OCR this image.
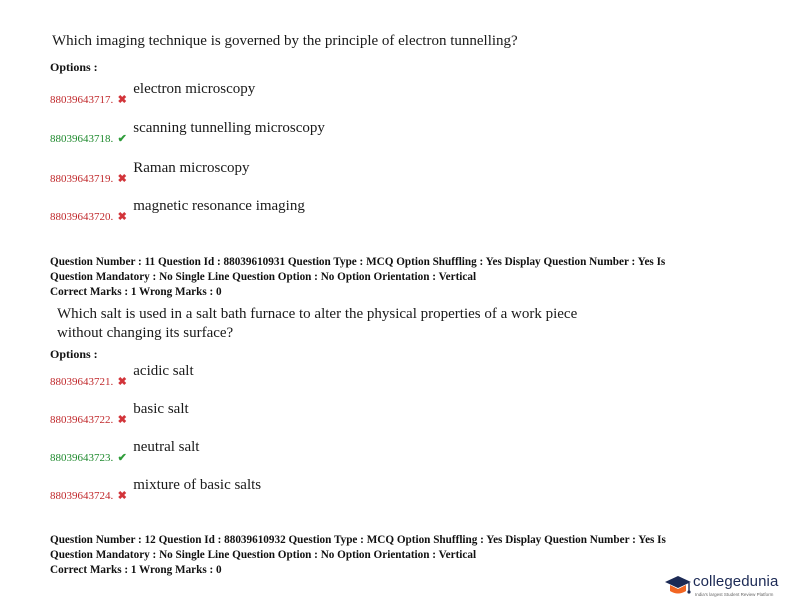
Which imaging technique is governed by the principle of electron tunnelling?
Options :
88039643717. ✖electron microscopy
88039643718. ✔scanning tunnelling microscopy
88039643719. ✖Raman microscopy
88039643720. ✖magnetic resonance imaging
Question Number : 11 Question Id : 88039610931 Question Type : MCQ Option Shuffling : Yes Display Question Number : Yes Is
Question Mandatory : No Single Line Question Option : No Option Orientation : Vertical
Correct Marks : 1 Wrong Marks : 0
Which salt is used in a salt bath furnace to alter the physical properties of a work piece
without changing its surface?
Options :
88039643721. ✖acidic salt
88039643722. ✖basic salt
88039643723. ✔neutral salt
88039643724. ✖mixture of basic salts
Question Number : 12 Question Id : 88039610932 Question Type : MCQ Option Shuffling : Yes Display Question Number : Yes Is
Question Mandatory : No Single Line Question Option : No Option Orientation : Vertical
Correct Marks : 1 Wrong Marks : 0
collegedunia
India's largest Student Review Platform
